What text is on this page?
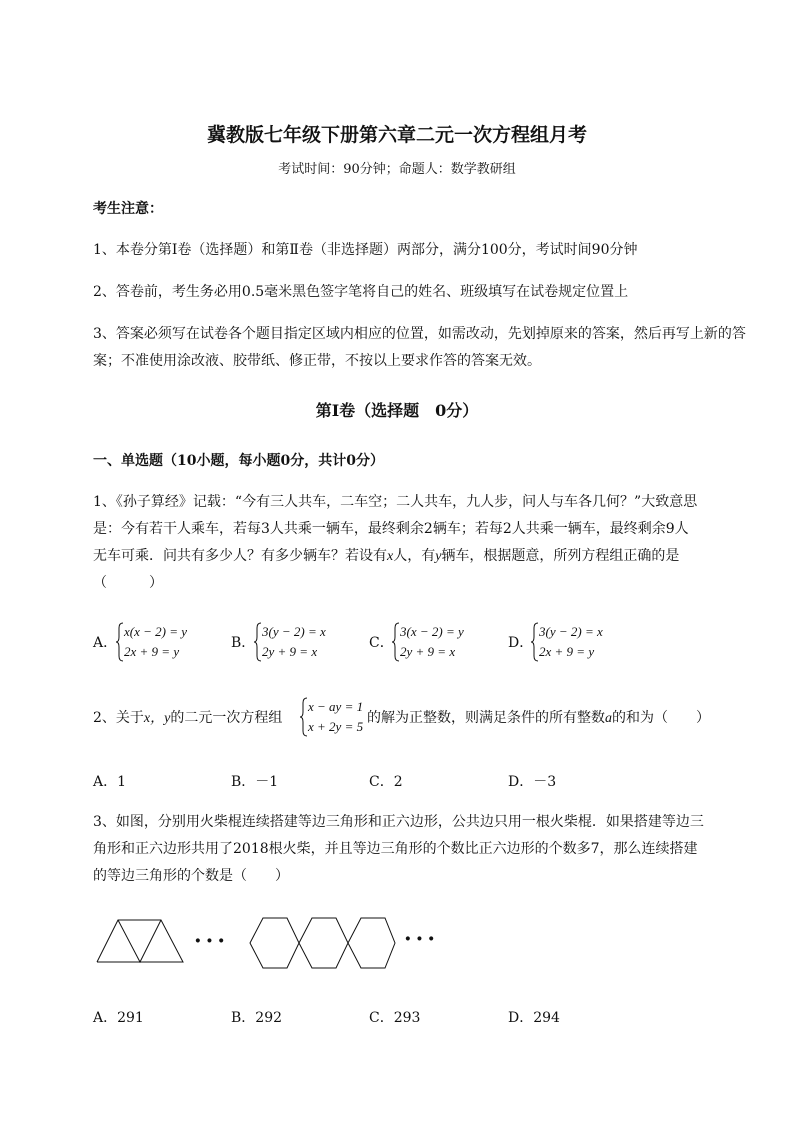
冀教版七年级下册第六章二元一次方程组月考
考试时间：90分钟；命题人：数学教研组
考生注意：
1、本卷分第I卷（选择题）和第Ⅱ卷（非选择题）两部分，满分100分，考试时间90分钟
2、答卷前，考生务必用0.5毫米黑色签字笔将自己的姓名、班级填写在试卷规定位置上
3、答案必须写在试卷各个题目指定区域内相应的位置，如需改动，先划掉原来的答案，然后再写上新的答案；不准使用涂改液、胶带纸、修正带，不按以上要求作答的答案无效。
第I卷（选择题　0分）
一、单选题（10小题，每小题0分，共计0分）
1、《孙子算经》记载：“今有三人共车，二车空；二人共车，九人步，问人与车各几何？”大致意思
是：今有若干人乘车，若每3人共乘一辆车，最终剩余2辆车；若每2人共乘一辆车，最终剩余9人
无车可乘．问共有多少人？有多少辆车？若设有x人，有y辆车，根据题意，所列方程组正确的是
（　　　）
A．
x(x − 2) = y
2x + 9 = y
B．
3(y − 2) = x
2y + 9 = x
C．
3(x − 2) = y
2y + 9 = x
D．
3(y − 2) = x
2x + 9 = y
2、关于x，y的二元一次方程组
x − ay = 1
x + 2y = 5
的解为正整数，则满足条件的所有整数a的和为（　　）
A．1	B．－1	C．2	D．－3
3、如图，分别用火柴棍连续搭建等边三角形和正六边形，公共边只用一根火柴棍．如果搭建等边三
角形和正六边形共用了2018根火柴，并且等边三角形的个数比正六边形的个数多7，那么连续搭建
的等边三角形的个数是（　　）
···	···
A．291	B．292	C．293	D．294
